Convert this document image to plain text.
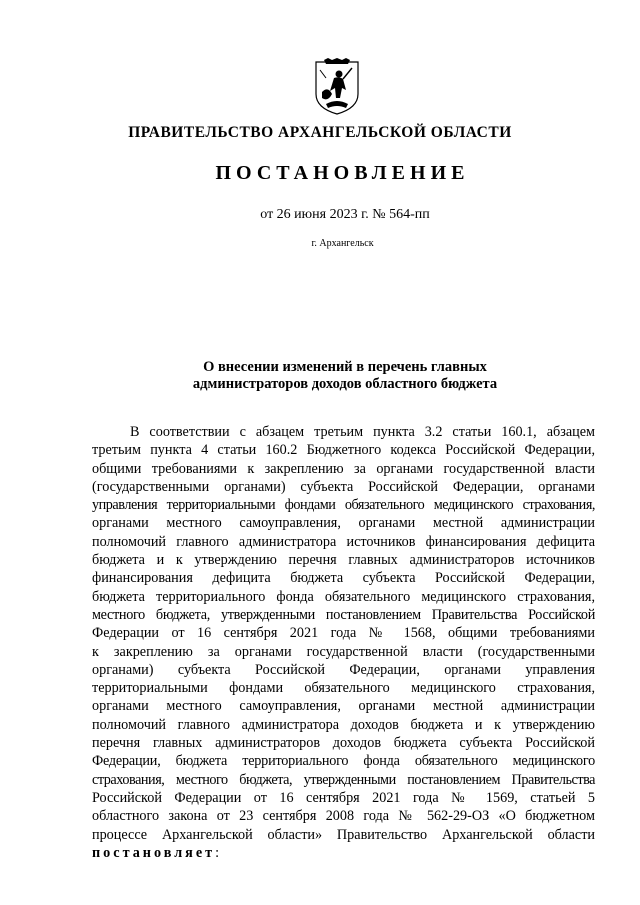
ПРАВИТЕЛЬСТВО АРХАНГЕЛЬСКОЙ ОБЛАСТИ
ПОСТАНОВЛЕНИЕ
от 26 июня 2023 г. № 564-пп
г. Архангельск
О внесении изменений в перечень главных
администраторов доходов областного бюджета
В соответствии с абзацем третьим пункта 3.2 статьи 160.1, абзацем
третьим пункта 4 статьи 160.2 Бюджетного кодекса Российской Федерации,
общими требованиями к закреплению за органами государственной власти
(государственными органами) субъекта Российской Федерации, органами
управления территориальными фондами обязательного медицинского страхования,
органами местного самоуправления, органами местной администрации
полномочий главного администратора источников финансирования дефицита
бюджета и к утверждению перечня главных администраторов источников
финансирования дефицита бюджета субъекта Российской Федерации,
бюджета территориального фонда обязательного медицинского страхования,
местного бюджета, утвержденными постановлением Правительства Российской
Федерации от 16 сентября 2021 года № 1568, общими требованиями
к закреплению за органами государственной власти (государственными
органами) субъекта Российской Федерации, органами управления
территориальными фондами обязательного медицинского страхования,
органами местного самоуправления, органами местной администрации
полномочий главного администратора доходов бюджета и к утверждению
перечня главных администраторов доходов бюджета субъекта Российской
Федерации, бюджета территориального фонда обязательного медицинского
страхования, местного бюджета, утвержденными постановлением Правительства
Российской Федерации от 16 сентября 2021 года № 1569, статьей 5
областного закона от 23 сентября 2008 года № 562-29-ОЗ «О бюджетном
процессе Архангельской области» Правительство Архангельской области
постановляет:
